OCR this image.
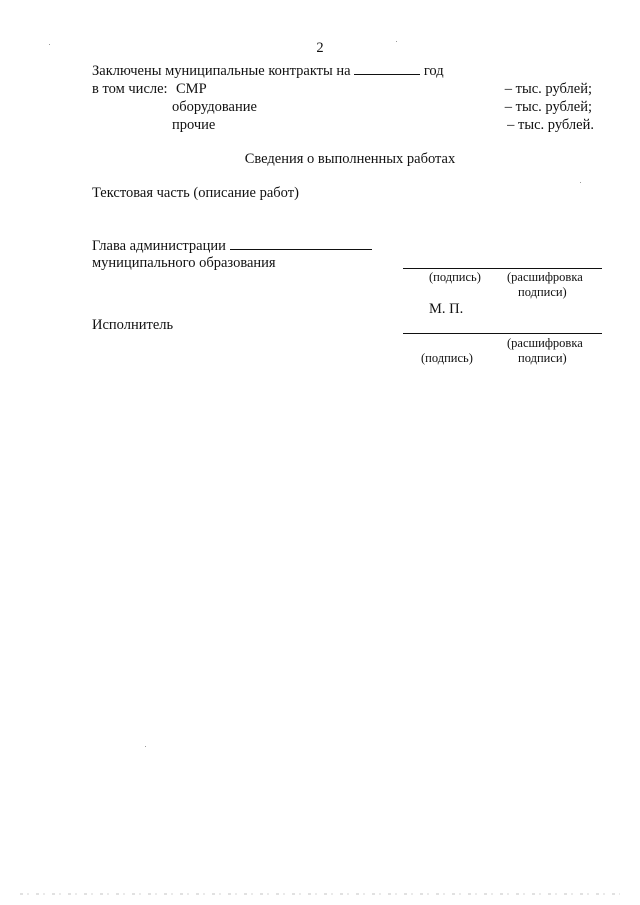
2
Заключены муниципальные контракты на	год
в том числе: СМР	– тыс. рублей;
оборудование	– тыс. рублей;
прочие	– тыс. рублей.
Сведения о выполненных работах
Текстовая часть (описание работ)
Глава администрации
муниципального образования
(подпись) (расшифровка
подписи)
М. П.
Исполнитель
(расшифровка
(подпись)	подписи)
